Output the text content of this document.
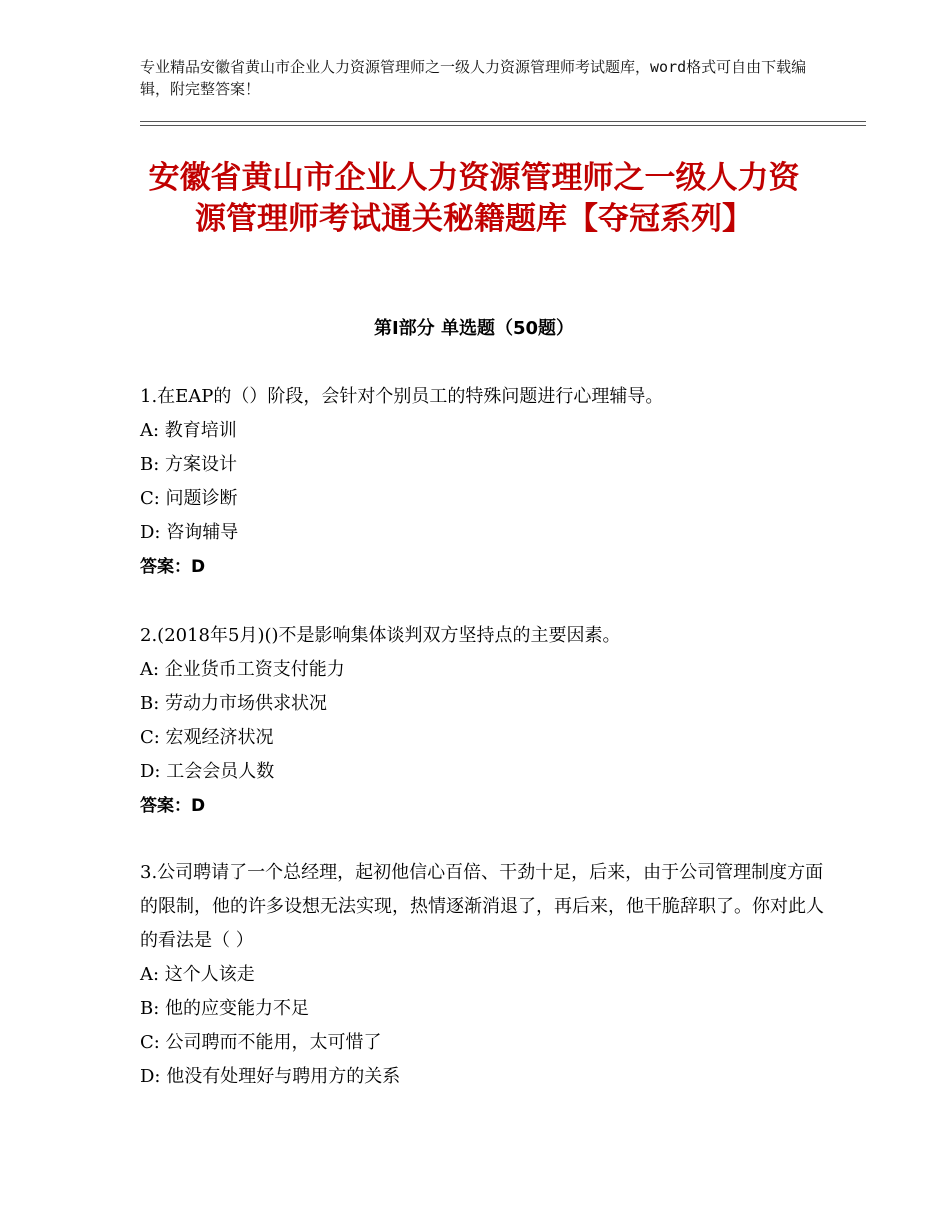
专业精品安徽省黄山市企业人力资源管理师之一级人力资源管理师考试题库，word格式可自由下载编辑，附完整答案！
安徽省黄山市企业人力资源管理师之一级人力资源管理师考试通关秘籍题库【夺冠系列】
第Ⅰ部分 单选题（50题）

1.在EAP的（）阶段，会针对个别员工的特殊问题进行心理辅导。

A: 教育培训
B: 方案设计
C: 问题诊断
D: 咨询辅导
答案：D

2.(2018年5月)()不是影响集体谈判双方坚持点的主要因素。

A: 企业货币工资支付能力
B: 劳动力市场供求状况
C: 宏观经济状况
D: 工会会员人数
答案：D

3.公司聘请了一个总经理，起初他信心百倍、干劲十足，后来，由于公司管理制度方面的限制，他的许多设想无法实现，热情逐渐消退了，再后来，他干脆辞职了。你对此人的看法是（ ）

A: 这个人该走
B: 他的应变能力不足
C: 公司聘而不能用，太可惜了
D: 他没有处理好与聘用方的关系
